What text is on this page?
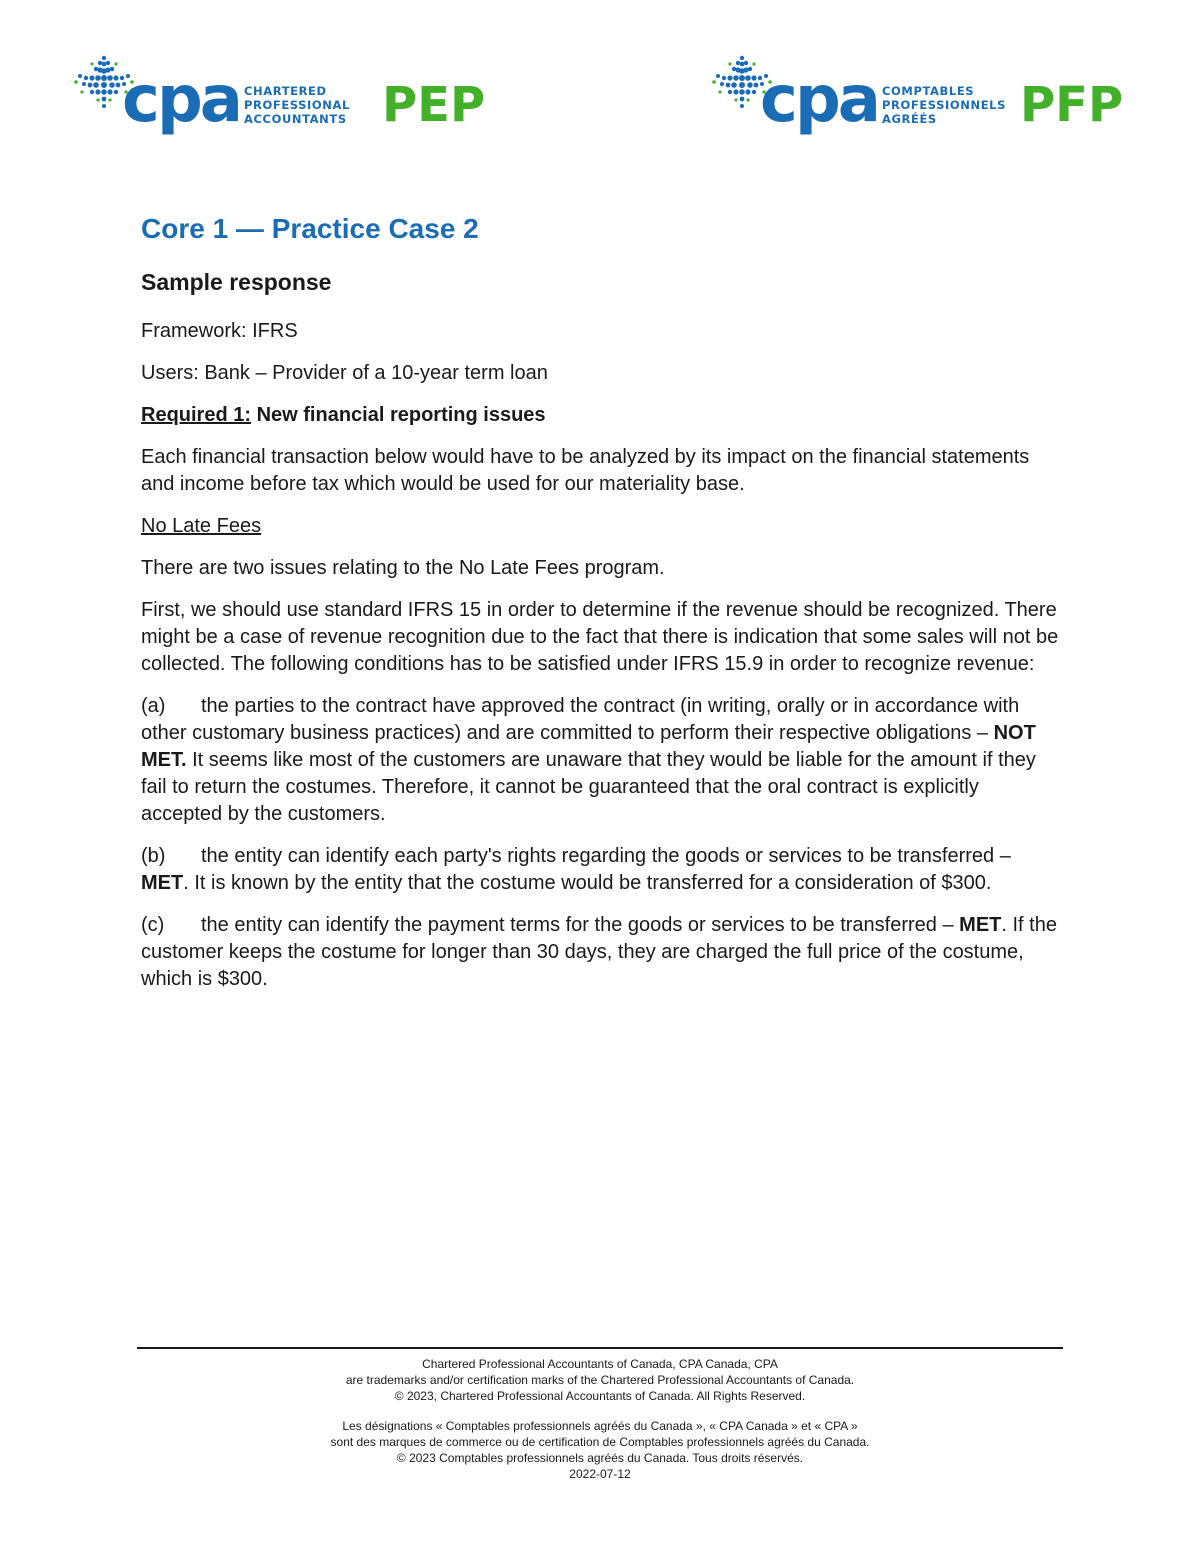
cpa CHARTERED
PROFESSIONAL
ACCOUNTANTS PEP	cpa COMPTABLES
PROFESSIONNELS
AGRÉÉS	PFP

Core 1 — Practice Case 2

Sample response

Framework: IFRS

Users: Bank – Provider of a 10-year term loan

Required 1: New financial reporting issues

Each financial transaction below would have to be analyzed by its impact on the financial statements and income before tax which would be used for our materiality base.

No Late Fees

There are two issues relating to the No Late Fees program.

First, we should use standard IFRS 15 in order to determine if the revenue should be recognized. There might be a case of revenue recognition due to the fact that there is indication that some sales will not be collected. The following conditions has to be satisfied under IFRS 15.9 in order to recognize revenue:

(a) the parties to the contract have approved the contract (in writing, orally or in accordance with other customary business practices) and are committed to perform their respective obligations – NOT MET. It seems like most of the customers are unaware that they would be liable for the amount if they fail to return the costumes. Therefore, it cannot be guaranteed that the oral contract is explicitly accepted by the customers.

(b) the entity can identify each party's rights regarding the goods or services to be transferred – MET. It is known by the entity that the costume would be transferred for a consideration of $300.

(c) the entity can identify the payment terms for the goods or services to be transferred – MET. If the customer keeps the costume for longer than 30 days, they are charged the full price of the costume, which is $300.

Chartered Professional Accountants of Canada, CPA Canada, CPA

are trademarks and/or certification marks of the Chartered Professional Accountants of Canada.

© 2023, Chartered Professional Accountants of Canada. All Rights Reserved.

Les désignations « Comptables professionnels agréés du Canada », « CPA Canada » et « CPA »

sont des marques de commerce ou de certification de Comptables professionnels agréés du Canada.

© 2023 Comptables professionnels agréés du Canada. Tous droits réservés.

2022-07-12
